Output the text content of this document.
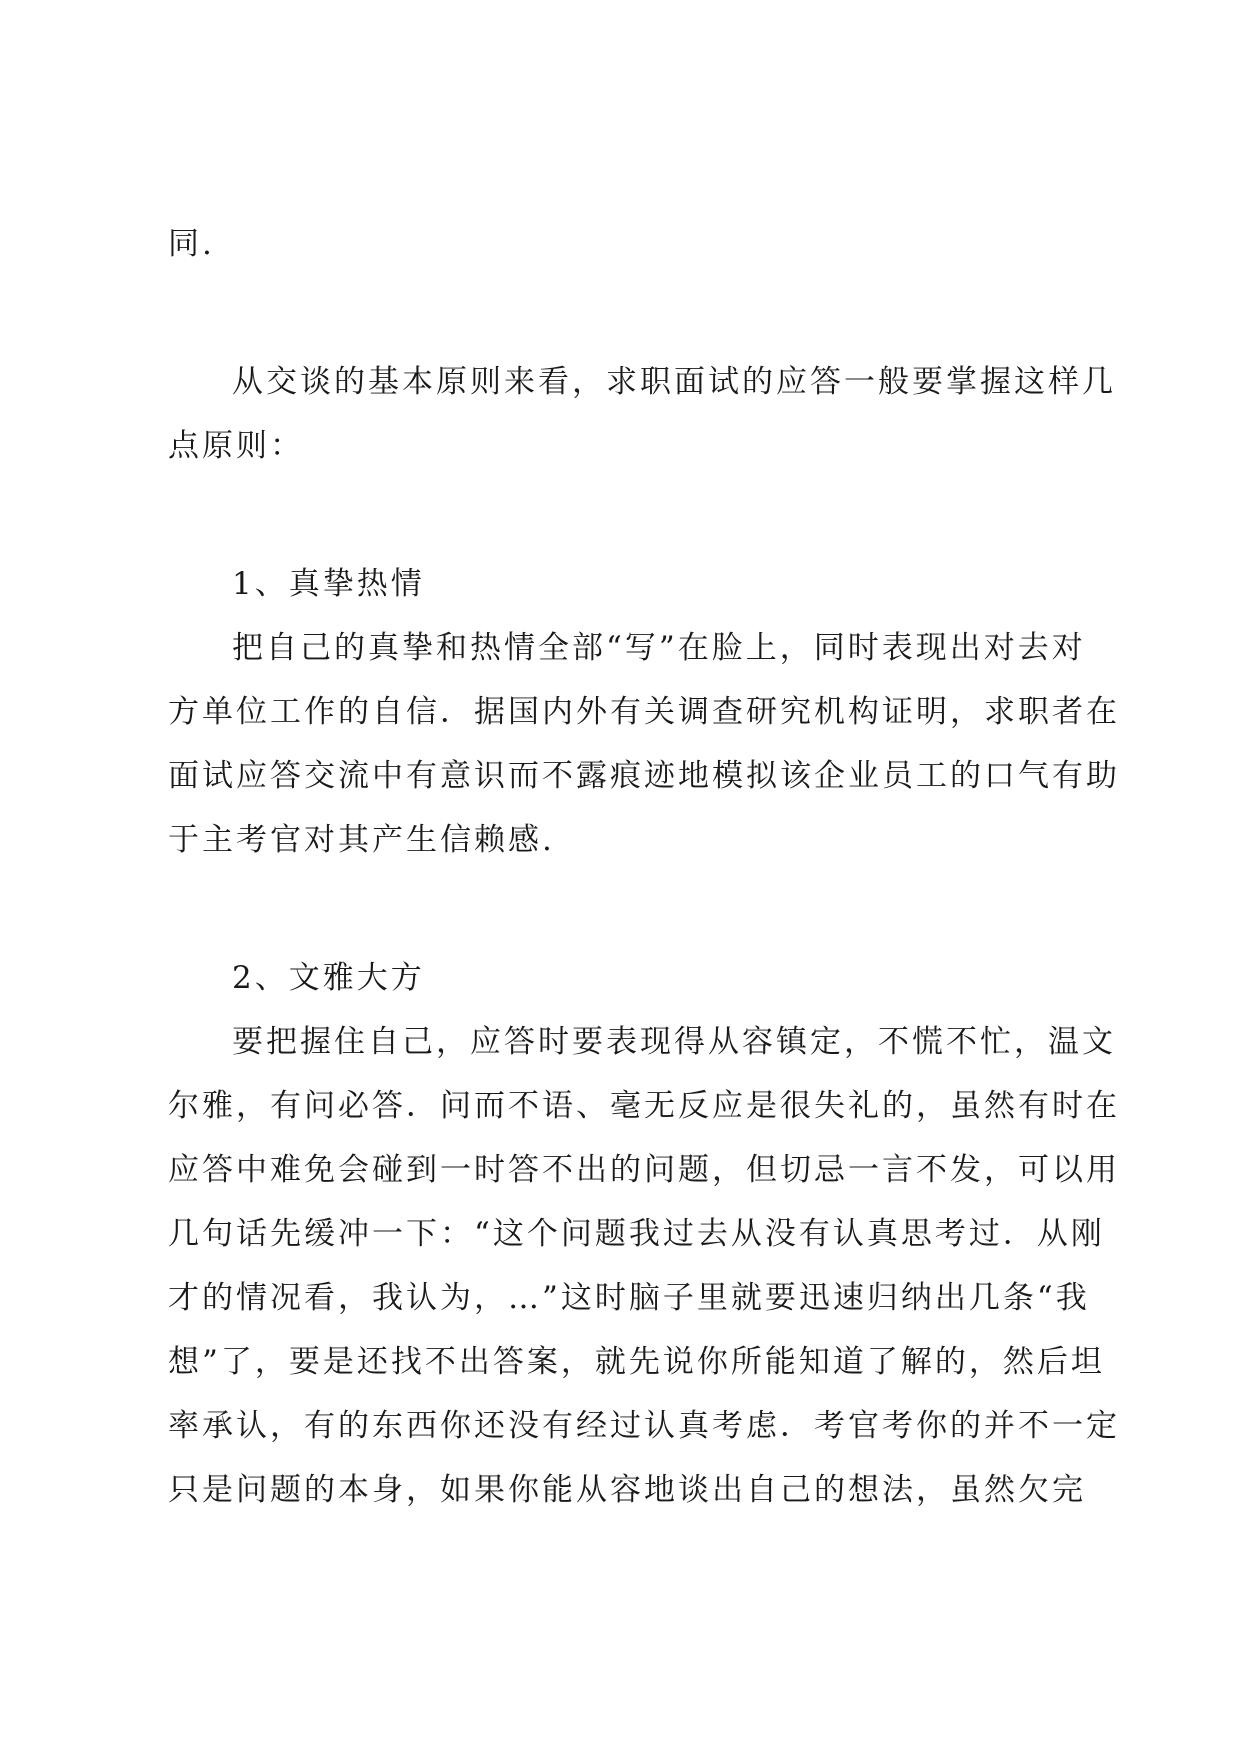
同.

从交谈的基本原则来看，求职面试的应答一般要掌握这样几

点原则：

1、真挚热情

把自己的真挚和热情全部“写”在脸上，同时表现出对去对

方单位工作的自信．据国内外有关调查研究机构证明，求职者在

面试应答交流中有意识而不露痕迹地模拟该企业员工的口气有助

于主考官对其产生信赖感.

2、文雅大方

要把握住自己，应答时要表现得从容镇定，不慌不忙，温文

尔雅，有问必答．问而不语、毫无反应是很失礼的，虽然有时在

应答中难免会碰到一时答不出的问题，但切忌一言不发，可以用

几句话先缓冲一下：“这个问题我过去从没有认真思考过．从刚

才的情况看，我认为，…”这时脑子里就要迅速归纳出几条“我

想”了，要是还找不出答案，就先说你所能知道了解的，然后坦

率承认，有的东西你还没有经过认真考虑．考官考你的并不一定

只是问题的本身，如果你能从容地谈出自己的想法，虽然欠完
